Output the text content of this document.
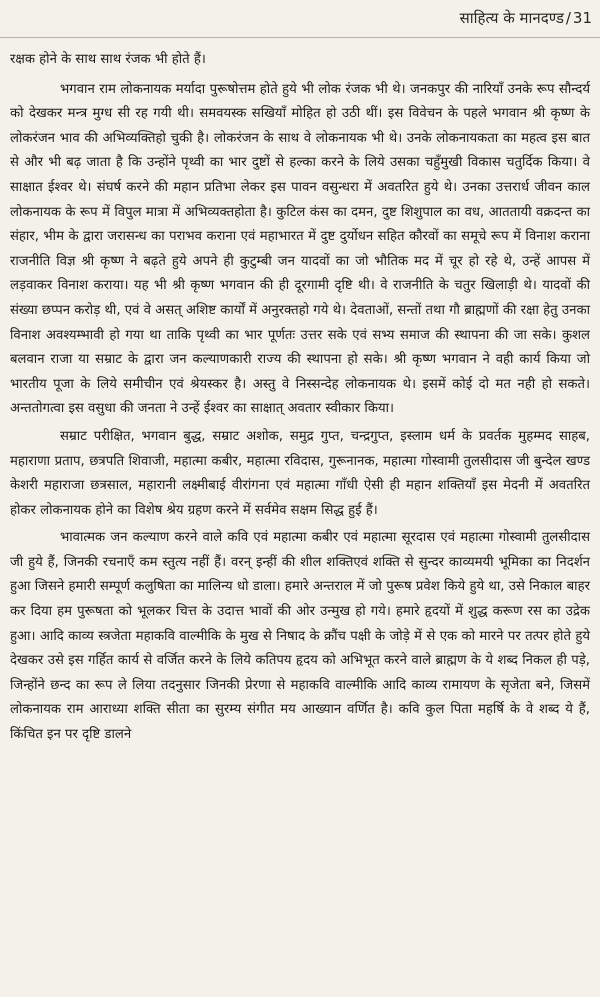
साहित्य के मानदण्ड / 31

रक्षक होने के साथ साथ रंजक भी होते हैं।

भगवान राम लोकनायक मर्यादा पुरूषोत्तम होते हुये भी लोक रंजक भी थे। जनकपुर की नारियाँ उनके रूप सौन्दर्य को देखकर मन्त्र मुग्ध सी रह गयी थी। समवयस्क सखियाँ मोहित हो उठी थीं। इस विवेचन के पहले भगवान श्री कृष्ण के लोकरंजन भाव की अभिव्यक्तिहो चुकी है। लोकरंजन के साथ वे लोकनायक भी थे। उनके लोकनायकता का महत्व इस बात से और भी बढ़ जाता है कि उन्होंने पृथ्वी का भार दुष्टों से हल्का करने के लिये उसका चहुँमुखी विकास चतुर्दिक किया। वे साक्षात ईश्वर थे। संघर्ष करने की महान प्रतिभा लेकर इस पावन वसुन्धरा में अवतरित हुये थे। उनका उत्तरार्ध जीवन काल लोकनायक के रूप में विपुल मात्रा में अभिव्यक्तहोता है। कुटिल कंस का दमन, दुष्ट शिशुपाल का वध, आततायी वक्रदन्त का संहार, भीम के द्वारा जरासन्ध का पराभव कराना एवं महाभारत में दुष्ट दुर्योधन सहित कौरवों का समूचे रूप में विनाश कराना राजनीति विज्ञ श्री कृष्ण ने बढ़ते हुये अपने ही कुटुम्बी जन यादवों का जो भौतिक मद में चूर हो रहे थे, उन्हें आपस में लड़वाकर विनाश कराया। यह भी श्री कृष्ण भगवान की ही दूरगामी दृष्टि थी। वे राजनीति के चतुर खिलाड़ी थे। यादवों की संख्या छप्पन करोड़ थी, एवं वे असत् अशिष्ट कार्यों में अनुरक्तहो गये थे। देवताओं, सन्तों तथा गौ ब्राह्मणों की रक्षा हेतु उनका विनाश अवश्यम्भावी हो गया था ताकि पृथ्वी का भार पूर्णतः उत्तर सके एवं सभ्य समाज की स्थापना की जा सके। कुशल बलवान राजा या सम्राट के द्वारा जन कल्याणकारी राज्य की स्थापना हो सके। श्री कृष्ण भगवान ने वही कार्य किया जो भारतीय पूजा के लिये समीचीन एवं श्रेयस्कर है। अस्तु वे निस्सन्देह लोकनायक थे। इसमें कोई दो मत नही हो सकते। अन्ततोगत्वा इस वसुधा की जनता ने उन्हें ईश्वर का साक्षात् अवतार स्वीकार किया।

सम्राट परीक्षित, भगवान बुद्ध, सम्राट अशोक, समुद्र गुप्त, चन्द्रगुप्त, इस्लाम धर्म के प्रवर्तक मुहम्मद साहब, महाराणा प्रताप, छत्रपति शिवाजी, महात्मा कबीर, महात्मा रविदास, गुरूनानक, महात्मा गोस्वामी तुलसीदास जी बुन्देल खण्ड केशरी महाराजा छत्रसाल, महारानी लक्ष्मीबाई वीरांगना एवं महात्मा गाँधी ऐसी ही महान शक्तियाँ इस मेदनी में अवतरित होकर लोकनायक होने का विशेष श्रेय ग्रहण करने में सर्वमेव सक्षम सिद्ध हुई हैं।

भावात्मक जन कल्याण करने वाले कवि एवं महात्मा कबीर एवं महात्मा सूरदास एवं महात्मा गोस्वामी तुलसीदास जी हुये हैं, जिनकी रचनाएँ कम स्तुत्य नहीं हैं। वरन् इन्हीं की शील शक्तिएवं शक्ति से सुन्दर काव्यमयी भूमिका का निदर्शन हुआ जिसने हमारी सम्पूर्ण कलुषिता का मालिन्य धो डाला। हमारे अन्तराल में जो पुरूष प्रवेश किये हुये था, उसे निकाल बाहर कर दिया हम पुरूषता को भूलकर चित्त के उदात्त भावों की ओर उन्मुख हो गये। हमारे हृदयों में शुद्ध करूण रस का उद्रेक हुआ। आदि काव्य स्त्रजेता महाकवि वाल्मीकि के मुख से निषाद के क्रौंच पक्षी के जोड़े में से एक को मारने पर तत्पर होते हुये देखकर उसे इस गर्हित कार्य से वर्जित करने के लिये कतिपय हृदय को अभिभूत करने वाले ब्राह्मण के ये शब्द निकल ही पड़े, जिन्होंने छन्द का रूप ले लिया तदनुसार जिनकी प्रेरणा से महाकवि वाल्मीकि आदि काव्य रामायण के सृजेता बने, जिसमें लोकनायक राम आराध्या शक्ति सीता का सुरम्य संगीत मय आख्यान वर्णित है। कवि कुल पिता महर्षि के वे शब्द ये हैं, किंचित इन पर दृष्टि डालने
